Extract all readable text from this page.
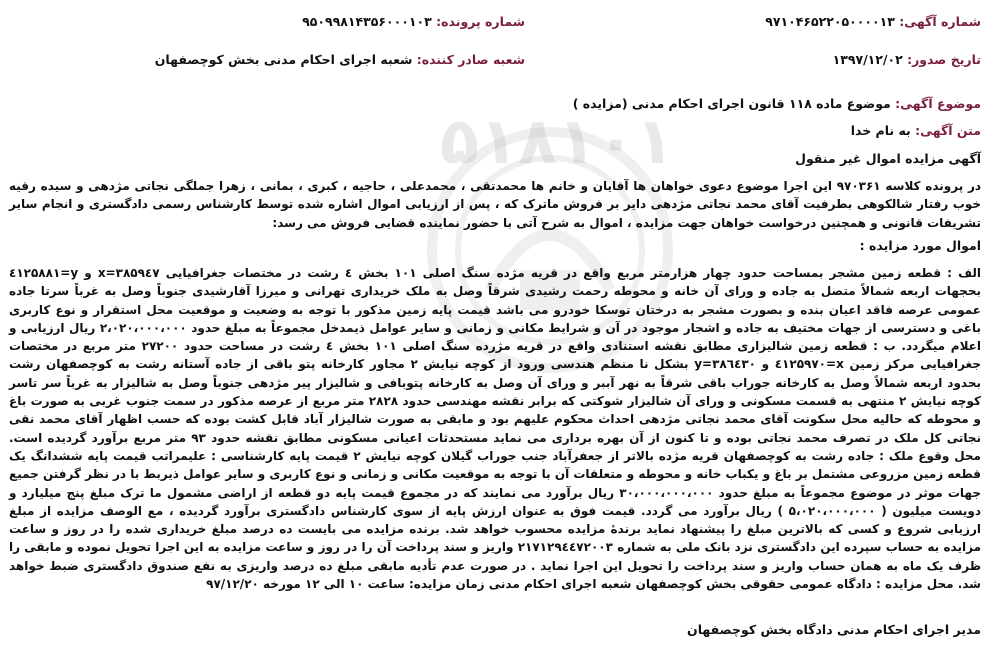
۵۱۸۱۰۱
شماره آگهی: ۹۷۱۰۴۶۵۲۲۰۵۰۰۰۰۱۳
شماره پرونده: ۹۵۰۹۹۸۱۴۳۵۶۰۰۰۱۰۳
تاریخ صدور: ۱۳۹۷/۱۲/۰۲
شعبه صادر کننده: شعبه اجرای احکام مدنی بخش کوچصفهان
موضوع آگهی: موضوع ماده ۱۱۸ قانون اجرای احکام مدنی (مزایده )
متن آگهی: به نام خدا
آگهی مزایده اموال غیر منقول

در پرونده کلاسه ۹۷۰۳۶۱ این اجرا موضوع دعوی خواهان ها آقایان و خانم ها محمدتقی ، محمدعلی ، حاجیه ، کبری ، بمانی ، زهرا جملگی نجاتی مژدهی و سیده رقیه خوب رفتار شالکوهی بطرفیت آقای محمد نجاتی مژدهی دایر بر فروش ماترک که ، پس از ارزیابی اموال اشاره شده توسط کارشناس رسمی دادگستری و انجام سایر تشریفات قانونی و همچنین درخواست خواهان جهت مزایده ، اموال به شرح آتی با حضور نماینده قضایی فروش می رسد:

اموال مورد مزایده :

الف : قطعه زمین مشجر بمساحت حدود چهار هزارمتر مربع واقع در قریه مژده سنگ اصلی ۱۰۱ بخش ٤ رشت در مختصات جغرافیایی x=۳۸۵۹٤۷ و y=٤۱۲۵۸۸۱ بحجهات اربعه شمالاً متصل به جاده و ورای آن خانه و محوطه رحمت رشیدی شرقاً وصل به ملک خریداری تهرانی و میرزا آقارشیدی جنوباً وصل به غرباً سرتا جاده عمومی عرصه فاقد اعیان بنده و بصورت مشجر به درختان توسکا خودرو می باشد قیمت پایه زمین مذکور با توجه به وضعیت و موقعیت محل استقرار و نوع کاربری باغی و دسترسی از جهات مختیف به جاده و اشجار موجود در آن و شرایط مکانی و زمانی و سایر عوامل ذیمدخل مجموعاً به مبلغ حدود ۲،۰۲۰،۰۰۰،۰۰۰ ریال ارزیابی و اعلام میگردد. ب : قطعه زمین شالیزاری مطابق نقشه استنادی واقع در قریه مژرده سنگ اصلی ۱۰۱ بخش ٤ رشت در مساحت حدود ۲۷۲۰۰ متر مربع در مختصات جغرافیایی مرکز زمین x=٤۱۲۵۹۷۰ و y=۳۸٦٤۳۰ بشکل نا منظم هندسی ورود از کوچه نیایش ۲ مجاور کارخانه پتو باقی از جاده آستانه رشت به کوچصفهان رشت بحدود اربعه شمالاً وصل به کارخانه جوراب باقی شرقاً به نهر آببر و ورای آن وصل به کارخانه پتوبافی و شالیزار پیر مژدهی جنوباً وصل به شالیزار به غرباً سر تاسر کوچه نیایش ۲ منتهی به قسمت مسکونی و ورای آن شالیزار شوکتی که برابر نقشه مهندسی حدود ۲۸۲۸ متر مربع از عرصه مذکور در سمت جنوب غربی به صورت باغ و محوطه که حالیه محل سکونت آقای محمد نجاتی مژدهی احداث محکوم علیهم بود و مابقی به صورت شالیزار آباد قابل کشت بوده که حسب اظهار آقای محمد نقی نجاتی کل ملک در تصرف محمد نجاتی بوده و تا کنون از آن بهره برداری می نماید مستحدثات اعیانی مسکونی مطابق نقشه حدود ۹۳ متر مربع برآورد گردیده است. محل وقوع ملک : جاده رشت به کوچصفهان قریه مژده بالاتر از جعفرآباد جنب جوراب گیلان کوچه نیایش ۲ قیمت پایه کارشناسی : علیمراتب قیمت پایه ششدانگ یک قطعه زمین مزروعی مشتمل بر باغ و یکباب خانه و محوطه و متعلقات آن با توجه به موقعیت مکانی و زمانی و نوع کاربری و سایر عوامل ذیربط با در نظر گرفتن جمیع جهات موثر در موضوع مجموعاً به مبلغ حدود ۳۰،۰۰۰،۰۰۰،۰۰۰ ریال برآورد می نمایند که در مجموع قیمت پایه دو قطعه از اراضی مشمول ما ترک مبلغ پنج میلیارد و دویست میلیون ( ۵،۰۲۰،۰۰۰،۰۰۰ ) ریال برآورد می گردد. قیمت فوق به عنوان ارزش پایه از سوی کارشناس دادگستری برآورد گردیده ، مع الوصف مزایده از مبلغ ارزیابی شروع و کسی که بالاترین مبلغ را پیشنهاد نماید برندهٔ مزایده محسوب خواهد شد. برنده مزایده می بایست ده درصد مبلغ خریداری شده را در روز و ساعت مزایده به حساب سپرده این دادگستری نزد بانک ملی به شماره ۲۱۷۱۲۹٤٤۷۲۰۰۳ واریز و سند پرداخت آن را در روز و ساعت مزایده به این اجرا تحویل نموده و مابقی را ظرف یک ماه به همان حساب واریز و سند پرداخت را تحویل این اجرا نماید . در صورت عدم تأدیه مابقی مبلغ ده درصد واریزی به نفع صندوق دادگستری ضبط خواهد شد. محل مزایده : دادگاه عمومی حقوقی بخش کوچصفهان شعبه اجرای احکام مدنی زمان مزایده: ساعت ۱۰ الی ۱۲ مورخه ۹۷/۱۲/۲۰

مدیر اجرای احکام مدنی دادگاه بخش کوچصفهان
